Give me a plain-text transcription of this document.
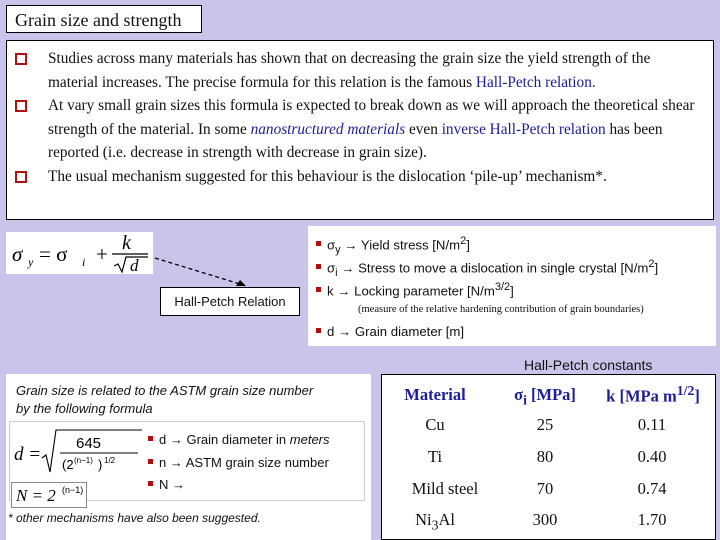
Grain size and strength
Studies across many materials has shown that on decreasing the grain size the yield strength of the material increases. The precise formula for this relation is the famous Hall-Petch relation.
At vary small grain sizes this formula is expected to break down as we will approach the theoretical shear strength of the material. In some nanostructured materials even inverse Hall-Petch relation has been reported (i.e. decrease in strength with decrease in grain size).
The usual mechanism suggested for this behaviour is the dislocation ‘pile-up’ mechanism*.
σ y = σ i + k
d
Hall-Petch Relation
$\sigma_y$ → Yield stress $[N/m^2]$
$\sigma_i$ → Stress to move a dislocation in single crystal $[N/m^2]$
k → Locking parameter $[N/m^{3/2}]$
(measure of the relative hardening contribution of grain boundaries)
d → Grain diameter [m]
Grain size is related to the ASTM grain size number
by the following formula
d =
645
(2 (n−1) ) 1/2
d → Grain diameter in meters
n → ASTM grain size number
N →
N = 2 (n−1)
* other mechanisms have also been suggested.
Hall-Petch constants
Material	$\sigma_i$ [MPa]	k [MPa $m^{1/2}$]
Cu	25	0.11
Ti	80	0.40
Mild steel	70	0.74
$Ni_3Al$	300	1.70
